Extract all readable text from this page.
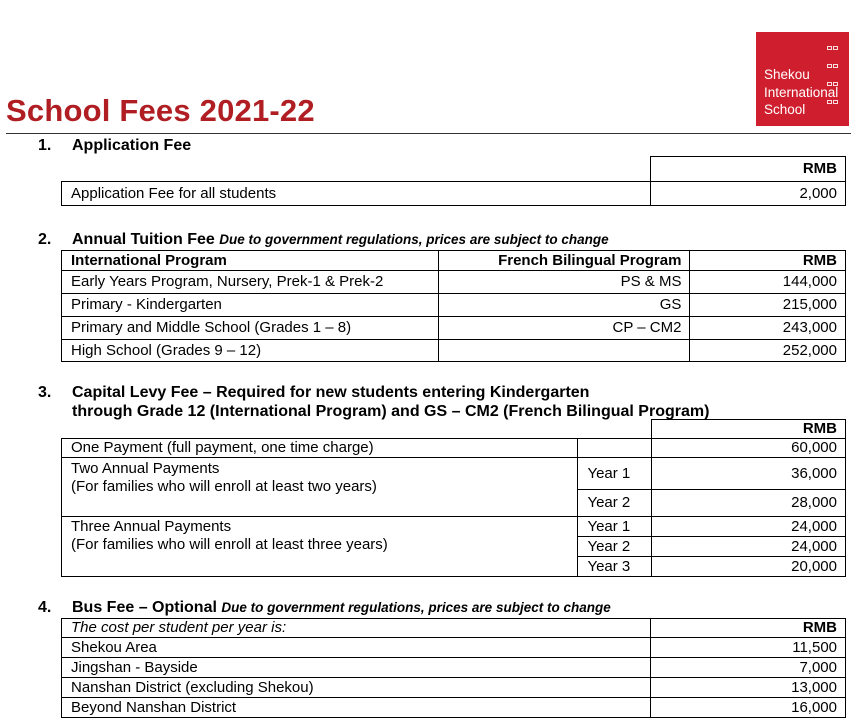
School Fees 2021-22
Shekou
International
School
1. Application Fee
	RMB
Application Fee for all students	2,000
2. Annual Tuition Fee Due to government regulations, prices are subject to change
International Program	French Bilingual Program	RMB
Early Years Program, Nursery, Prek-1 & Prek-2	PS & MS	144,000
Primary - Kindergarten	GS	215,000
Primary and Middle School (Grades 1 – 8)	CP – CM2	243,000
High School (Grades 9 – 12)		252,000
3. Capital Levy Fee – Required for new students entering Kindergarten
through Grade 12 (International Program) and GS – CM2 (French Bilingual Program)
		RMB
One Payment (full payment, one time charge)		60,000

Two Annual Payments
(For families who will enroll at least two years)	Year 1	36,000
	Year 2	28,000

Three Annual Payments
(For families who will enroll at least three years)	Year 1	24,000
	Year 2	24,000
	Year 3	20,000
4. Bus Fee – Optional Due to government regulations, prices are subject to change
The cost per student per year is:	RMB
Shekou Area	11,500
Jingshan - Bayside	7,000
Nanshan District (excluding Shekou)	13,000
Beyond Nanshan District	16,000
